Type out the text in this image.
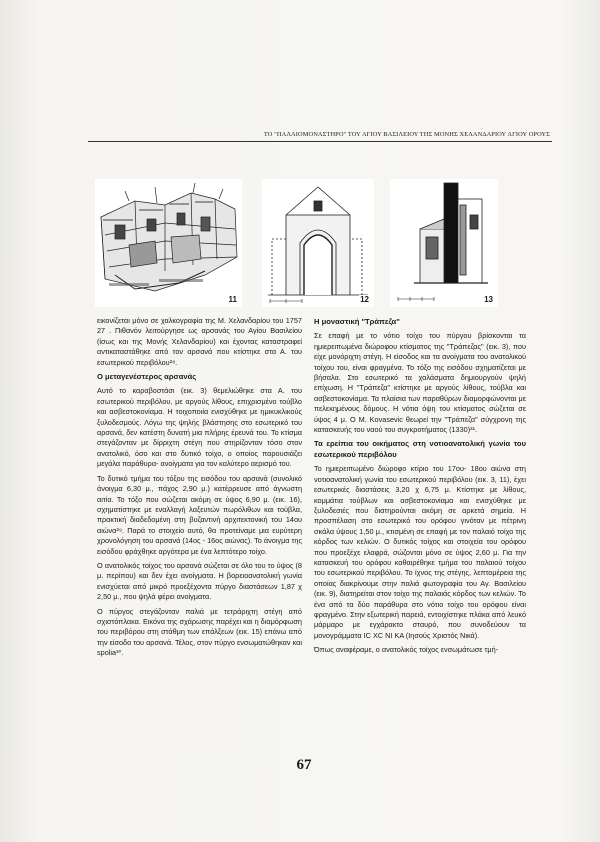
ΤΟ "ΠΑΛΑΙΟΜΟΝΑΣΤΗΡΟ" ΤΟΥ ΑΓΙΟΥ ΒΑΣΙΛΕΙΟΥ ΤΗΣ ΜΟΝΗΣ ΧΕΛΑΝΔΑΡΙΟΥ ΑΓΙΟΥ ΟΡΟΥΣ
11	12	13

εικονίζεται μόνο σε χαλκογραφία της Μ. Χελανδαρίου του 1757 27 . Πιθανόν λειτούργησε ως αρσανάς του Αγίου Βασιλείου (ίσως και της Μονής Χελανδαρίου) και έχοντας καταστραφεί αντικαταστάθηκε από τον αρσανά που κτίστηκε στα Α. του εσωτερικού περιβόλου²⁸.

Ο μεταγενέστερος αρσανάς

Αυτό το καραβοστάσι (εικ. 3) θεμελιώθηκε στα Α. του εσωτερικού περιβόλου, με αργούς λίθους, επιχρισμένο τούβλο και ασβεστοκονίαμα. Η τοιχοποιία ενισχύθηκε με ημικυκλικούς ξυλοδεσμούς. Λόγω της ψηλής βλάστησης στο εσωτερικό του αρσανά, δεν κατέστη δυνατή μια πλήρης έρευνά του. Το κτίσμα στεγάζονταν με δίρριχτη στέγη που στηρίζονταν τόσο στον ανατολικό, όσο και στο δυτικό τοίχο, ο οποίος παρουσιάζει μεγάλα παράθυρα- ανοίγματα για τον καλύτερο αερισμό του.

Το δυτικό τμήμα του τόξου της εισόδου του αρσανά (συνολικό άνοιγμα 6,30 μ., πάχος 2,90 μ.) κατέρρευσε από άγνωστη αιτία. Το τόξο που σώζεται ακόμη σε ύψος 6,90 μ. (εικ. 16), σχηματίστηκε με εναλλαγή λαξευτών πωρόλιθων και τούβλα, πρακτική διαδεδομένη στη βυζαντινή αρχιτεκτονική του 14ου αιώνα²⁹. Παρά το στοιχείο αυτό, θα προτείναμε μια ευρύτερη χρονολόγηση του αρσανά (14ος - 16ος αιώνας). Το άνοιγμα της εισόδου φράχθηκε αργότερα με ένα λεπτότερο τοίχο.

Ο ανατολικός τοίχος του αρσανά σώζεται σε όλο του το ύψος (8 μ. περίπου) και δεν έχει ανοίγματα. Η βορειοανατολική γωνία ενισχύεται από μικρό προεξέχοντα πύργο διαστάσεων 1,87 χ 2,50 μ., που ψηλά φέρει ανοίγματα.

Ο πύργος στεγάζονταν παλιά με τετράριχτη στέγη από σχιστόπλακα. Εικόνα της σχάρωσης παρέχει και η διαμόρφωση του περιβόρου στη στάθμη των επάλξεων (εικ. 15) επάνω από την είσοδο του αρσανά. Τέλος, στον πύργο ενσωματώθηκαν και spolia³⁰.

Η μοναστική "Τράπεζα"

Σε επαφή με το νότιο τοίχο του πύργου βρίσκονται τα ημιερειπωμένα διώροφου κτίσματος της "Τράπεζας" (εικ. 3), που είχε μονόριχτη στέγη. Η είσοδος και τα ανοίγματα του ανατολικού τοίχου του, είναι φραγμένα. Το τόξο της εισόδου σχηματίζεται με βήσαλα. Στο εσωτερικό τα χαλάσματα δημιουργούν ψηλή επίχωση. Η "Τράπεζα" κτίστηκε με αργούς λίθους, τούβλα και ασβεστοκονίαμα. Τα πλαίσια των παραθύρων διαμορφώνονται με πελεκημένους δόμους. Η νότια όψη του κτίσματος σώζεται σε ύψος 4 μ. Ο Μ. Kovasevic θεωρεί την "Τράπεζα" σύγχρονη της κατασκευής του ναού του συγκροτήματος (1330)³¹.

Τα ερείπια του οικήματος στη νοτιοανατολική γωνία του εσωτερικού περιβόλου

Το ημιερειπωμένο διώροφο κτίριο του 17ου- 18ου αιώνα στη νοτιοανατολική γωνία του εσωτερικού περιβόλου (εικ. 3, 11), έχει εσωτερικές διαστάσεις 3,20 χ 6,75 μ. Κτίστηκε με λίθους, κομμάτια τούβλων και ασβεστοκονίαμα και ενισχύθηκε με ξυλοδεσιές που διατηρούνται ακόμη σε αρκετά σημεία. Η προσπέλαση στο εσωτερικό του ορόφου γινόταν με πέτρινη σκάλα ύψους 1,50 μ., κτισμένη σε επαφή με τον παλαιό τοίχο της κόρδος των κελιών. Ο δυτικός τοίχος και στοιχεία του ορόφου που προεξέχε ελαφρά, σώζονται μόνο σε ύψος 2,60 μ. Για την κατασκευή του ορόφου καθαιρέθηκε τμήμα του παλαιού τοίχου του εσωτερικού περιβόλου. Το ίχνος της στέγης, λεπτομέρεια της οποίας διακρίνουμε στην παλιά φωτογραφία του Αγ. Βασιλείου (εικ. 9), διατηρείται στον τοίχο της παλαιάς κόρδος των κελιών. Το ένα από τα δύο παράθυρα στο νότιο τοίχο του ορόφου είναι φραγμένο. Στην εξωτερική παρειά, εντοιχίστηκε πλάκα από λευκό μάρμαρο με εγχάρακτο σταυρό, που συνοδεύουν τα μονογράμματα IC XC NI KA (Ιησούς Χριστός Νικά).

Όπως αναφέραμε, ο ανατολικός τοίχος ενσωμάτωσε τμή-

67
